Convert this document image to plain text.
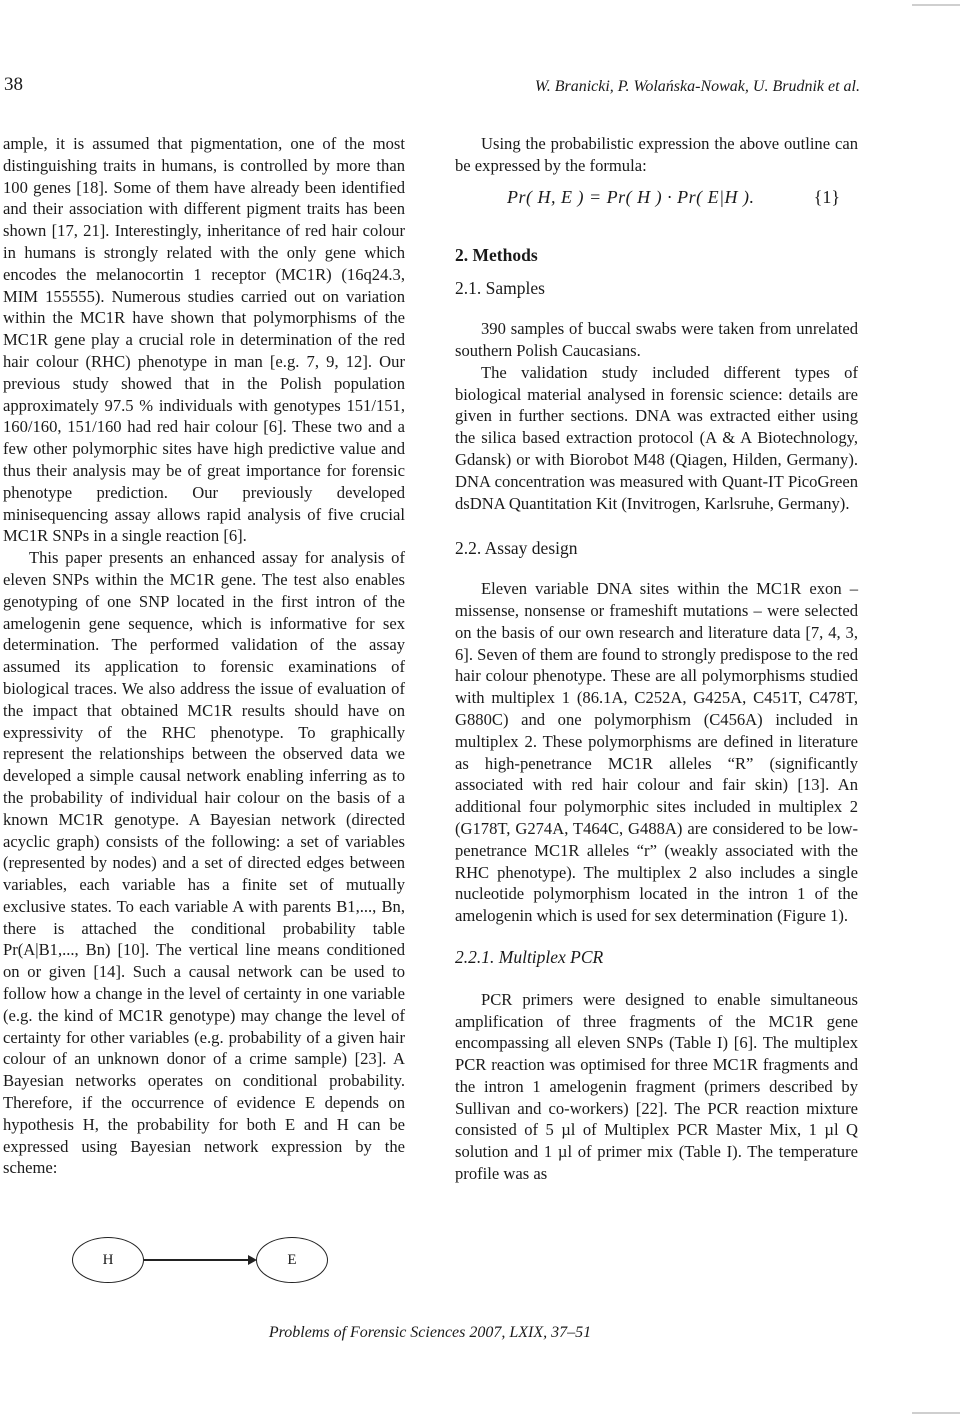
38	W. Branicki, P. Wolańska-Nowak, U. Brudnik et al.

ample, it is assumed that pigmentation, one of the most distinguishing traits in humans, is controlled by more than 100 genes [18]. Some of them have already been identified and their association with different pigment traits has been shown [17, 21]. Interestingly, inheritance of red hair colour in humans is strongly related with the only gene which encodes the melanocortin 1 receptor (MC1R) (16q24.3, MIM 155555). Numerous studies carried out on variation within the MC1R have shown that polymorphisms of the MC1R gene play a crucial role in determination of the red hair colour (RHC) phenotype in man [e.g. 7, 9, 12]. Our previous study showed that in the Polish population approximately 97.5 % individuals with genotypes 151/151, 160/160, 151/160 had red hair colour [6]. These two and a few other polymorphic sites have high predictive value and thus their analysis may be of great importance for forensic phenotype prediction. Our previously developed minisequencing assay allows rapid analysis of five crucial MC1R SNPs in a single reaction [6].

This paper presents an enhanced assay for analysis of eleven SNPs within the MC1R gene. The test also enables genotyping of one SNP located in the first intron of the amelogenin gene sequence, which is informative for sex determination. The performed validation of the assay assumed its application to forensic examinations of biological traces. We also address the issue of evaluation of the impact that obtained MC1R results should have on expressivity of the RHC phenotype. To graphically represent the relationships between the observed data we developed a simple causal network enabling inferring as to the probability of individual hair colour on the basis of a known MC1R genotype. A Bayesian network (directed acyclic graph) consists of the following: a set of variables (represented by nodes) and a set of directed edges between variables, each variable has a finite set of mutually exclusive states. To each variable A with parents B1,..., Bn, there is attached the conditional probability table Pr(A|B1,..., Bn) [10]. The vertical line means conditioned on or given [14]. Such a causal network can be used to follow how a change in the level of certainty in one variable (e.g. the kind of MC1R genotype) may change the level of certainty for other variables (e.g. probability of a given hair colour of an unknown donor of a crime sample) [23]. A Bayesian networks operates on conditional probability. Therefore, if the occurrence of evidence E depends on hypothesis H, the probability for both E and H can be expressed using Bayesian network expression by the scheme:

H	E

Using the probabilistic expression the above outline can be expressed by the formula:

Pr( H, E ) = Pr( H ) · Pr( E|H ).	{1}
2. Methods
2.1. Samples

390 samples of buccal swabs were taken from unrelated southern Polish Caucasians.

The validation study included different types of biological material analysed in forensic science: details are given in further sections. DNA was extracted either using the silica based extraction protocol (A & A Biotechnology, Gdansk) or with Biorobot M48 (Qiagen, Hilden, Germany). DNA concentration was measured with Quant-IT PicoGreen dsDNA Quantitation Kit (Invitrogen, Karlsruhe, Germany).

2.2. Assay design

Eleven variable DNA sites within the MC1R exon – missense, nonsense or frameshift mutations – were selected on the basis of our own research and literature data [7, 4, 3, 6]. Seven of them are found to strongly predispose to the red hair colour phenotype. These are all polymorphisms studied with multiplex 1 (86.1A, C252A, G425A, C451T, C478T, G880C) and one polymorphism (C456A) included in multiplex 2. These polymorphisms are defined in literature as high-penetrance MC1R alleles “R” (significantly associated with red hair colour and fair skin) [13]. An additional four polymorphic sites included in multiplex 2 (G178T, G274A, T464C, G488A) are considered to be low-penetrance MC1R alleles “r” (weakly associated with the RHC phenotype). The multiplex 2 also includes a single nucleotide polymorphism located in the intron 1 of the amelogenin which is used for sex determination (Figure 1).

2.2.1. Multiplex PCR

PCR primers were designed to enable simultaneous amplification of three fragments of the MC1R gene encompassing all eleven SNPs (Table I) [6]. The multiplex PCR reaction was optimised for three MC1R fragments and the intron 1 amelogenin fragment (primers described by Sullivan and co-workers) [22]. The PCR reaction mixture consisted of 5 µl of Multiplex PCR Master Mix, 1 µl Q solution and 1 µl of primer mix (Table I). The temperature profile was as

Problems of Forensic Sciences 2007, LXIX, 37–51
